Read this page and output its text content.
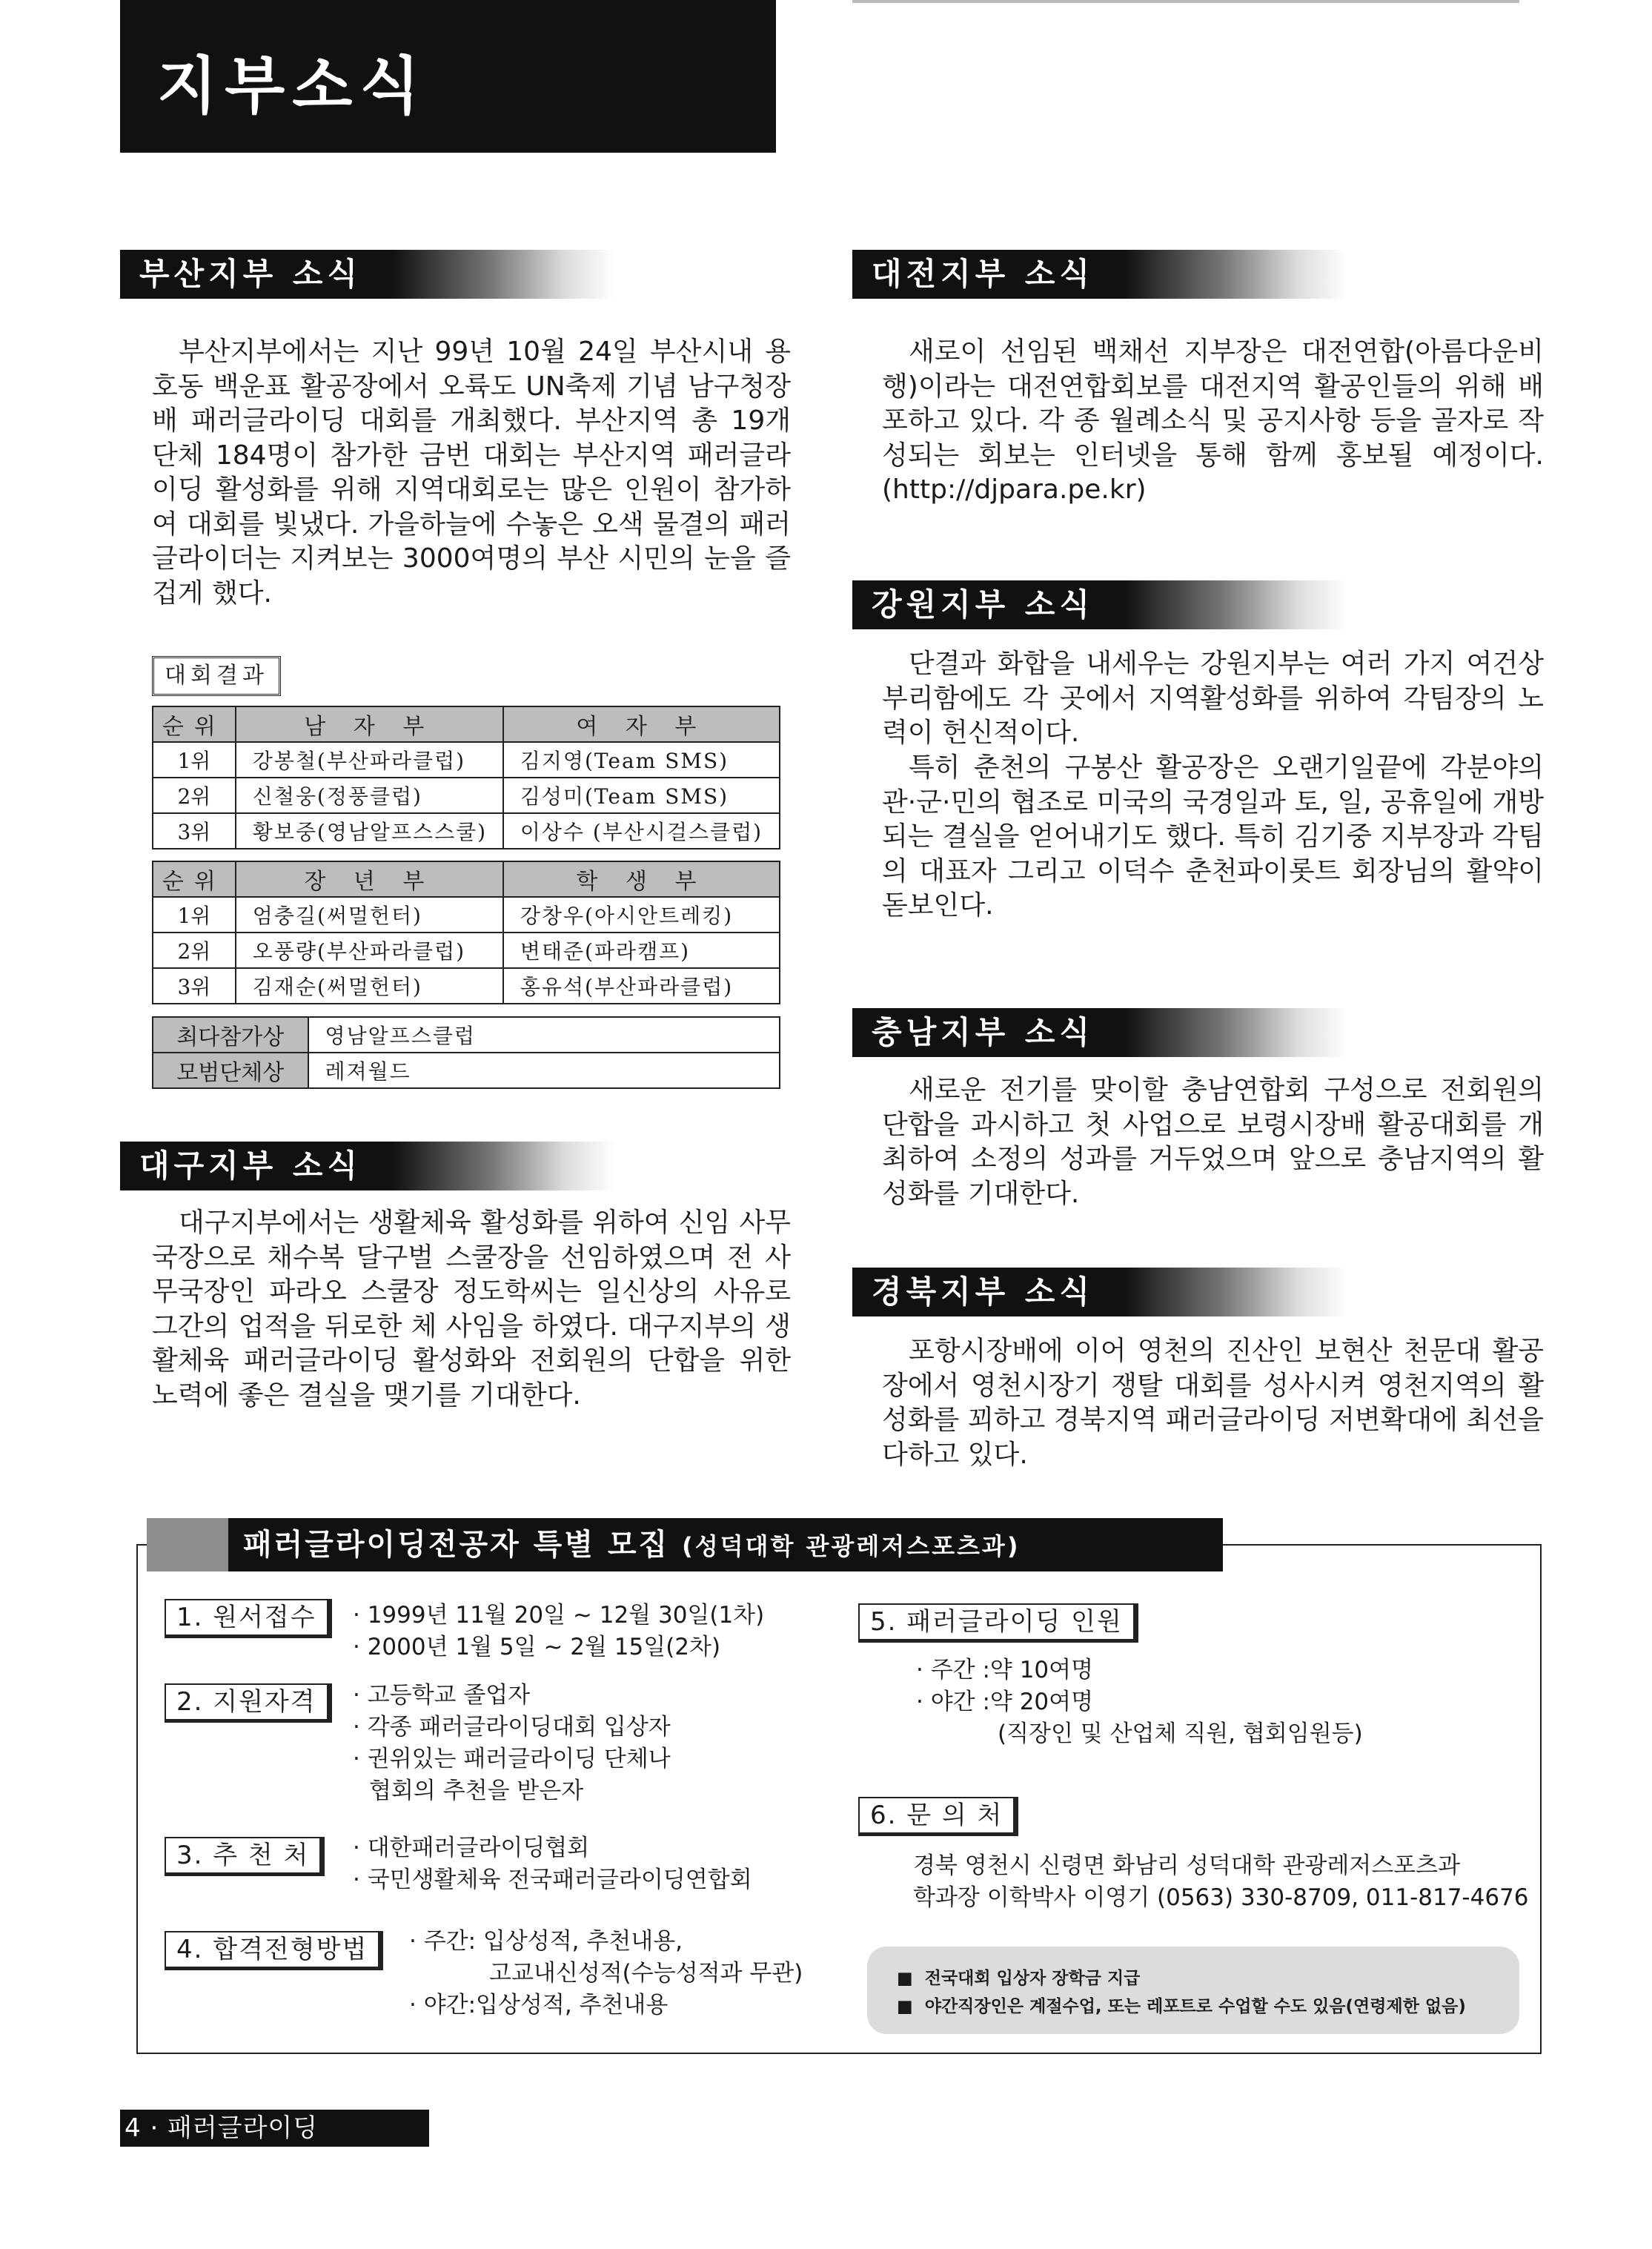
지부소식
부산지부 소식

부산지부에서는 지난 99년 10월 24일 부산시내 용호동 백운표 활공장에서 오륙도 UN축제 기념 남구청장배 패러글라이딩 대회를 개최했다. 부산지역 총 19개 단체 184명이 참가한 금번 대회는 부산지역 패러글라이딩 활성화를 위해 지역대회로는 많은 인원이 참가하여 대회를 빛냈다. 가을하늘에 수놓은 오색 물결의 패러글라이더는 지켜보는 3000여명의 부산 시민의 눈을 즐겁게 했다.

대회결과
순위	남 자 부	여 자 부
1위	강봉철(부산파라클럽)	김지영(Team SMS)
2위	신철웅(정풍클럽)	김성미(Team SMS)
3위	황보중(영남알프스스쿨)	이상수 (부산시걸스클럽)
순위	장 년 부	학 생 부
1위	엄충길(써멀헌터)	강창우(아시안트레킹)
2위	오풍량(부산파라클럽)	변태준(파라캠프)
3위	김재순(써멀헌터)	홍유석(부산파라클럽)
최다참가상	영남알프스클럽
모범단체상	레져월드
대구지부 소식

대구지부에서는 생활체육 활성화를 위하여 신임 사무국장으로 채수복 달구벌 스쿨장을 선임하였으며 전 사무국장인 파라오 스쿨장 정도학씨는 일신상의 사유로 그간의 업적을 뒤로한 체 사임을 하였다. 대구지부의 생활체육 패러글라이딩 활성화와 전회원의 단합을 위한 노력에 좋은 결실을 맺기를 기대한다.

대전지부 소식

새로이 선임된 백채선 지부장은 대전연합(아름다운비행)이라는 대전연합회보를 대전지역 활공인들의 위해 배포하고 있다. 각 종 월례소식 및 공지사항 등을 골자로 작성되는 회보는 인터넷을 통해 함께 홍보될 예정이다.(http://djpara.pe.kr)

강원지부 소식

단결과 화합을 내세우는 강원지부는 여러 가지 여건상 부리함에도 각 곳에서 지역활성화를 위하여 각팀장의 노력이 헌신적이다.

특히 춘천의 구봉산 활공장은 오랜기일끝에 각분야의 관·군·민의 협조로 미국의 국경일과 토, 일, 공휴일에 개방되는 결실을 얻어내기도 했다. 특히 김기중 지부장과 각팀의 대표자 그리고 이덕수 춘천파이롯트 회장님의 활약이 돋보인다.

충남지부 소식

새로운 전기를 맞이할 충남연합회 구성으로 전회원의 단합을 과시하고 첫 사업으로 보령시장배 활공대회를 개최하여 소정의 성과를 거두었으며 앞으로 충남지역의 활성화를 기대한다.

경북지부 소식

포항시장배에 이어 영천의 진산인 보현산 천문대 활공장에서 영천시장기 쟁탈 대회를 성사시켜 영천지역의 활성화를 꾀하고 경북지역 패러글라이딩 저변확대에 최선을 다하고 있다.

패러글라이딩전공자 특별 모집 (성덕대학 관광레저스포츠과)
1. 원서접수	· 1999년 11월 20일 ~ 12월 30일(1차)
· 2000년 1월 5일 ~ 2월 15일(2차)
2. 지원자격	· 고등학교 졸업자
· 각종 패러글라이딩대회 입상자
· 권위있는 패러글라이딩 단체나
협회의 추천을 받은자
3. 추 천 처	· 대한패러글라이딩협회
· 국민생활체육 전국패러글라이딩연합회
4. 합격전형방법	· 주간: 입상성적, 추천내용,
고교내신성적(수능성적과 무관)
· 야간:입상성적, 추천내용
5. 패러글라이딩 인원
· 주간 :약 10여명
· 야간 :약 20여명
(직장인 및 산업체 직원, 협회임원등)
6. 문 의 처
경북 영천시 신령면 화남리 성덕대학 관광레저스포츠과
학과장 이학박사 이영기 (0563) 330-8709, 011-817-4676
■ 전국대회 입상자 장학금 지급
■ 야간직장인은 계절수업, 또는 레포트로 수업할 수도 있음(연령제한 없음)
4 · 패러글라이딩
